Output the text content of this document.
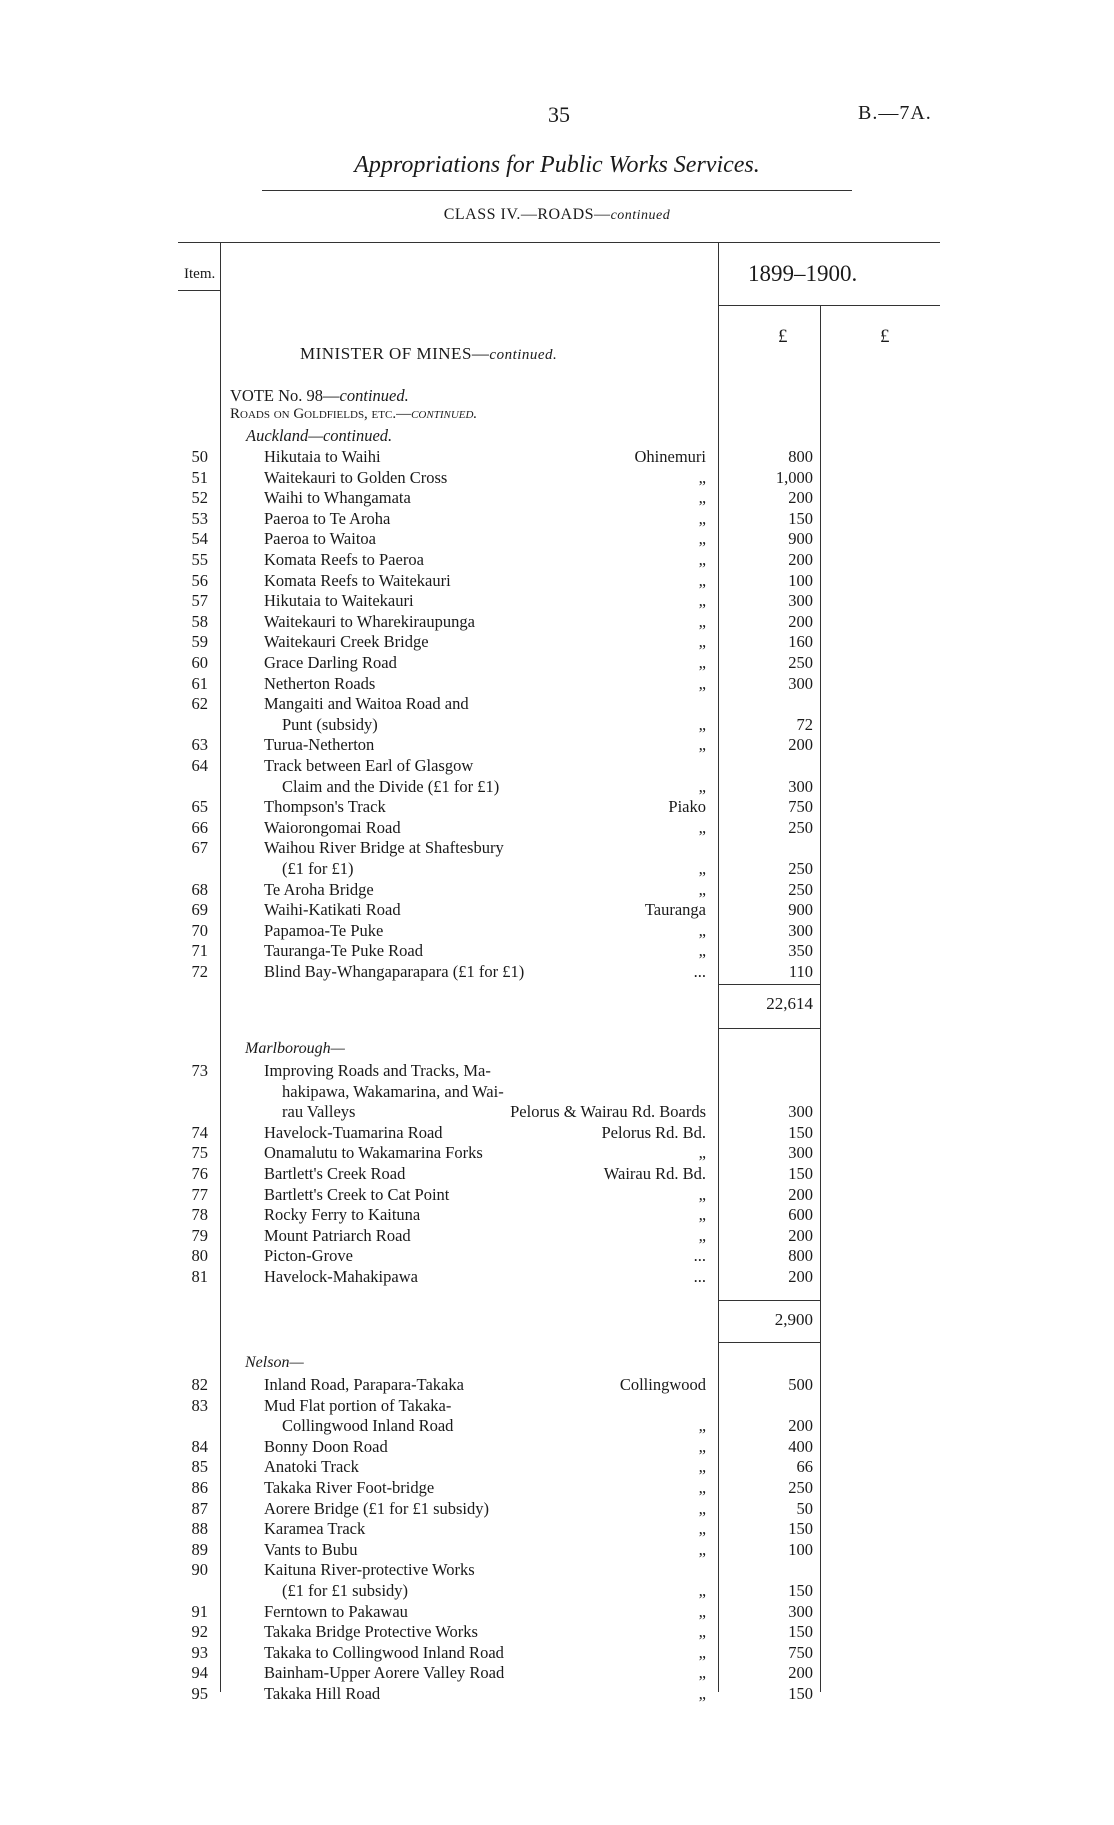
35	B.—7A.
Appropriations for Public Works Services.
CLASS IV.—ROADS—continued
Item.	1899–1900.
£	£
MINISTER OF MINES—continued.
VOTE No. 98—continued.
Roads on Goldfields, etc.—continued.
Auckland—continued.
50	Hikutaia to Waihi	Ohinemuri	800
51	Waitekauri to Golden Cross	„	1,000
52	Waihi to Whangamata	„	200
53	Paeroa to Te Aroha	„	150
54	Paeroa to Waitoa	„	900
55	Komata Reefs to Paeroa	„	200
56	Komata Reefs to Waitekauri	„	100
57	Hikutaia to Waitekauri	„	300
58	Waitekauri to Wharekiraupunga	„	200
59	Waitekauri Creek Bridge	„	160
60	Grace Darling Road	„	250
61	Netherton Roads	„	300
62	Mangaiti and Waitoa Road and
Punt (subsidy)	„	72
63	Turua-Netherton	„	200
64	Track between Earl of Glasgow
Claim and the Divide (£1 for £1)	„	300
65	Thompson's Track	Piako	750
66	Waiorongomai Road	„	250
67	Waihou River Bridge at Shaftesbury
(£1 for £1)	„	250
68	Te Aroha Bridge	„	250
69	Waihi-Katikati Road	Tauranga	900
70	Papamoa-Te Puke	„	300
71	Tauranga-Te Puke Road	„	350
72	Blind Bay-Whangaparapara (£1 for £1)	...	110
22,614
Marlborough—
73	Improving Roads and Tracks, Ma-
hakipawa, Wakamarina, and Wai-
rau Valleys	Pelorus & Wairau Rd. Boards	300
74	Havelock-Tuamarina Road	Pelorus Rd. Bd.	150
75	Onamalutu to Wakamarina Forks	„	300
76	Bartlett's Creek Road	Wairau Rd. Bd.	150
77	Bartlett's Creek to Cat Point	„	200
78	Rocky Ferry to Kaituna	„	600
79	Mount Patriarch Road	„	200
80	Picton-Grove	...	800
81	Havelock-Mahakipawa	...	200
2,900
Nelson—
82	Inland Road, Parapara-Takaka	Collingwood	500
83	Mud Flat portion of Takaka-
Collingwood Inland Road	„	200
84	Bonny Doon Road	„	400
85	Anatoki Track	„	66
86	Takaka River Foot-bridge	„	250
87	Aorere Bridge (£1 for £1 subsidy)	„	50
88	Karamea Track	„	150
89	Vants to Bubu	„	100
90	Kaituna River-protective Works
(£1 for £1 subsidy)	„	150
91	Ferntown to Pakawau	„	300
92	Takaka Bridge Protective Works	„	150
93	Takaka to Collingwood Inland Road	„	750
94	Bainham-Upper Aorere Valley Road	„	200
95	Takaka Hill Road	„	150
